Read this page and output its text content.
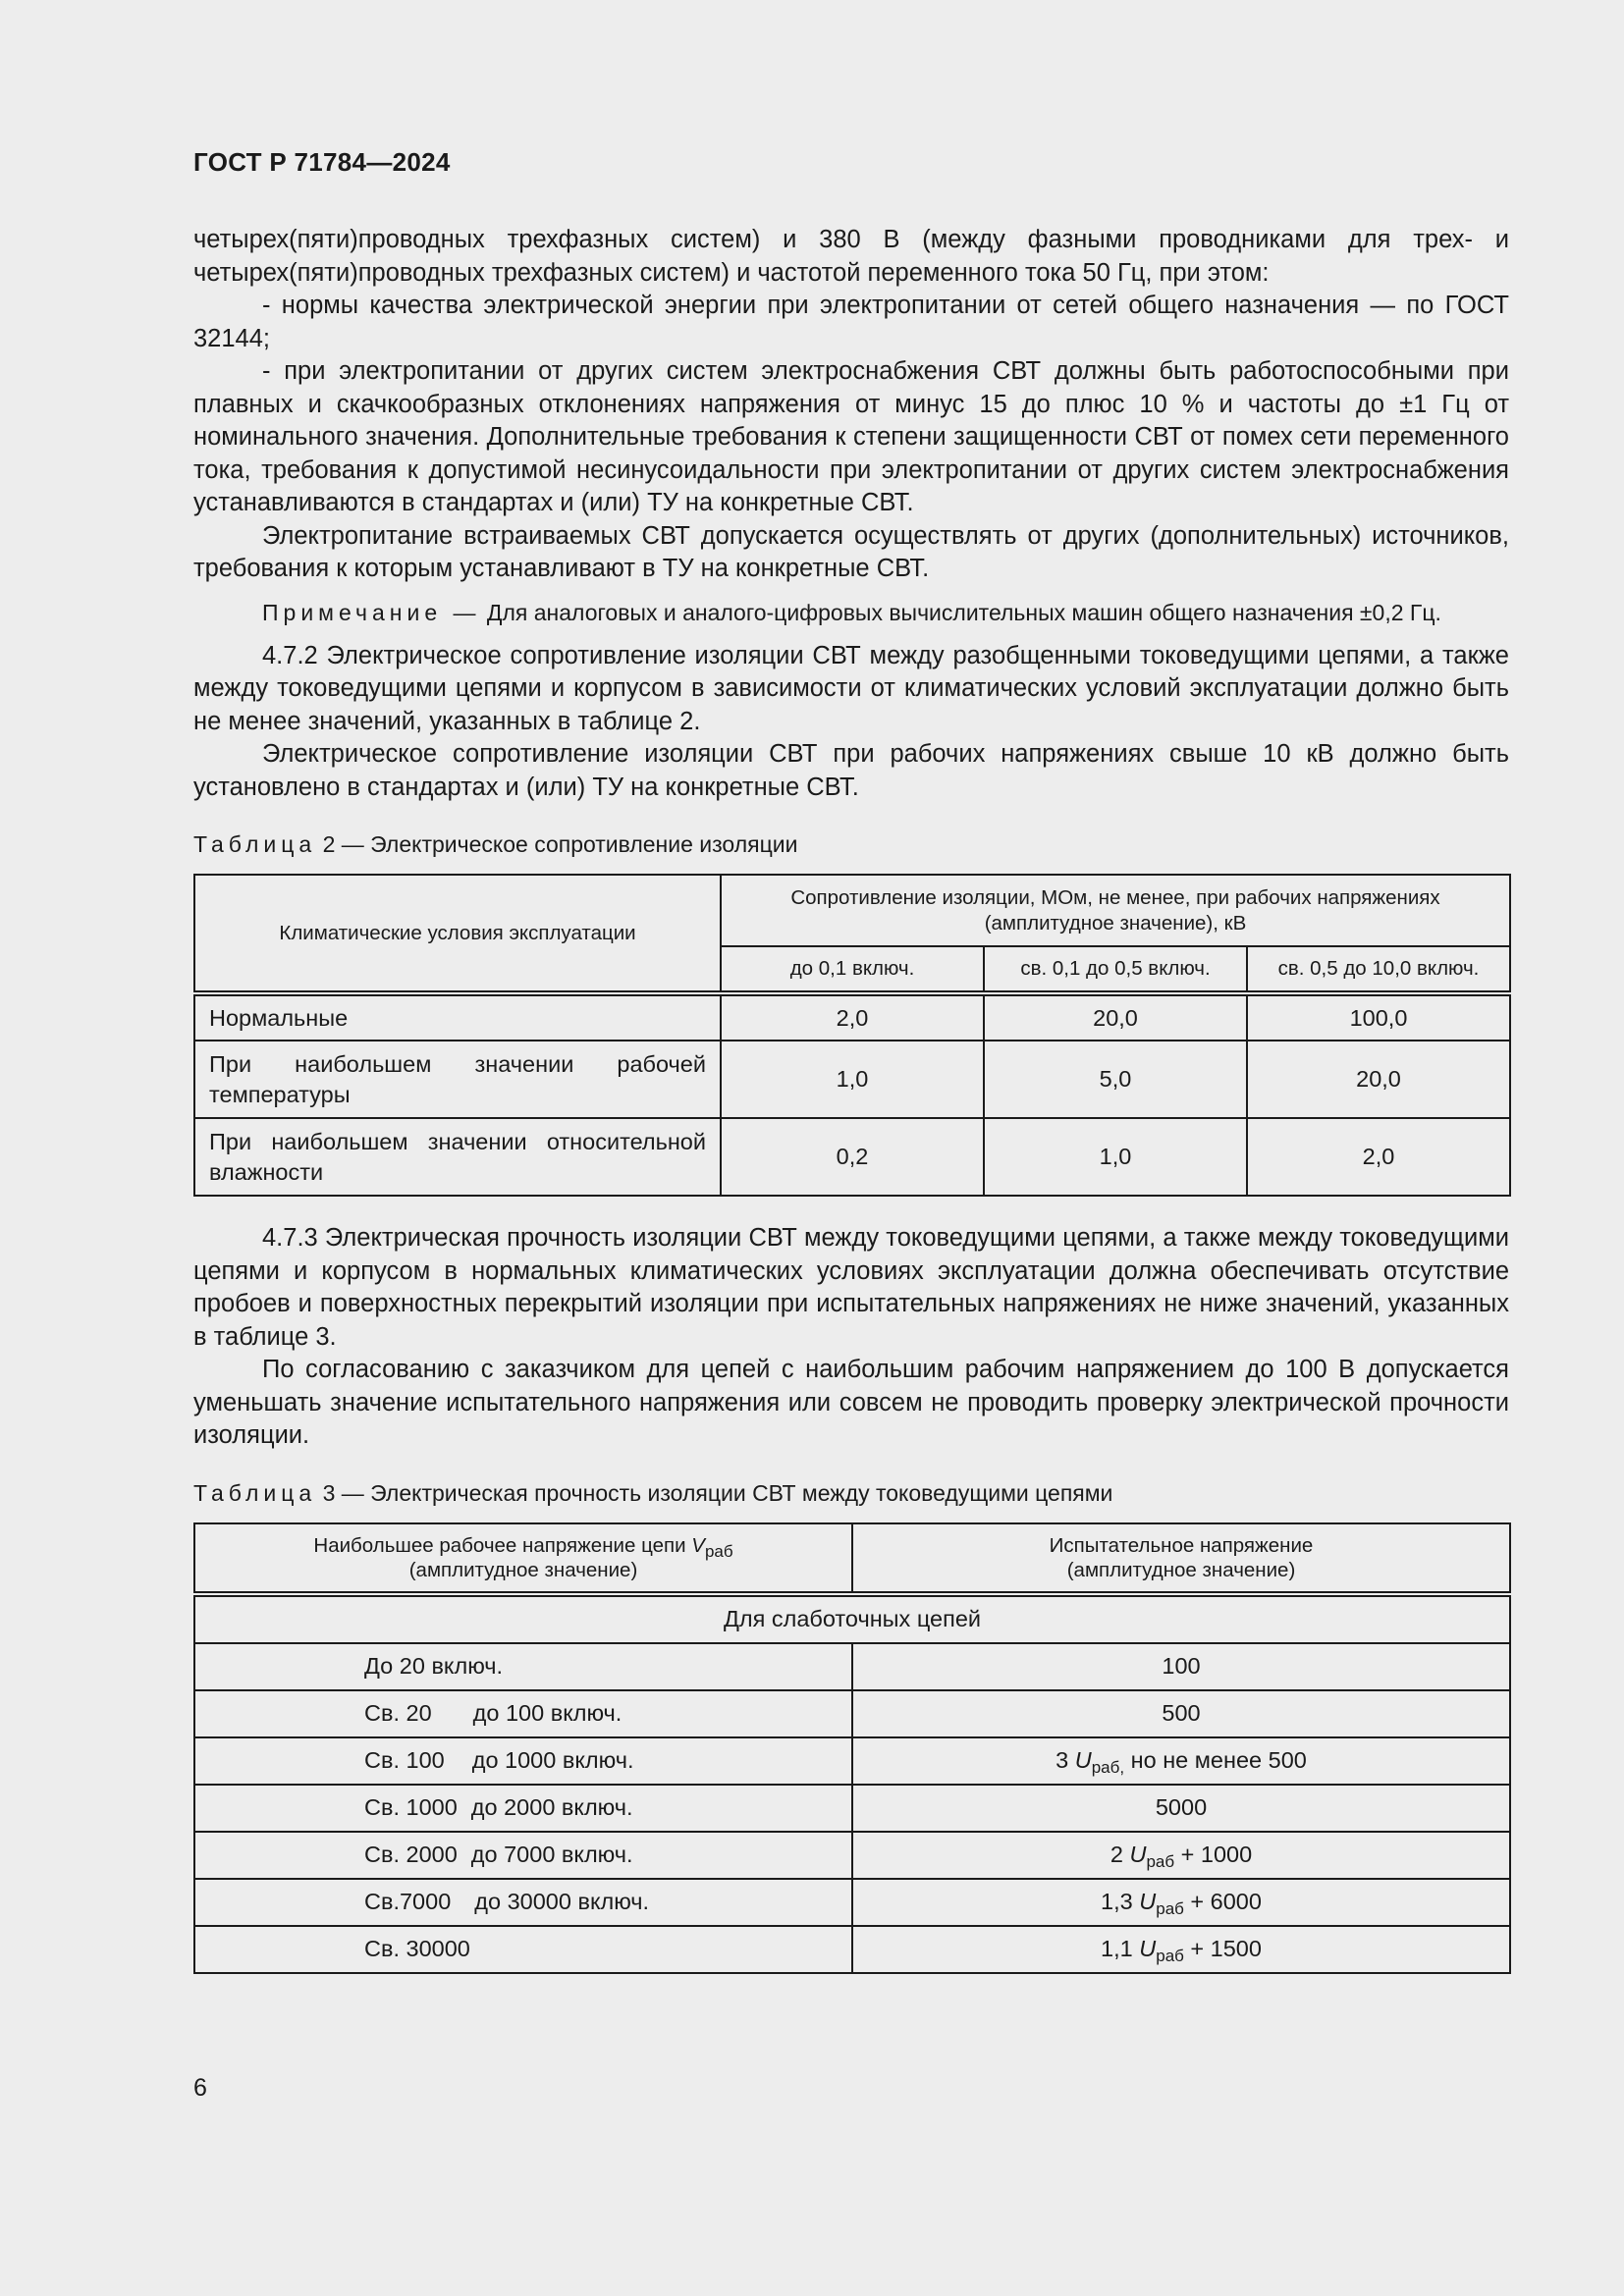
ГОСТ Р 71784—2024

четырех(пяти)проводных трехфазных систем) и 380 В (между фазными проводниками для трех- и четырех(пяти)проводных трехфазных систем) и частотой переменного тока 50 Гц, при этом:

- нормы качества электрической энергии при электропитании от сетей общего назначения — по ГОСТ 32144;

- при электропитании от других систем электроснабжения СВТ должны быть работоспособными при плавных и скачкообразных отклонениях напряжения от минус 15 до плюс 10 % и частоты до ±1 Гц от номинального значения. Дополнительные требования к степени защищенности СВТ от помех сети переменного тока, требования к допустимой несинусоидальности при электропитании от других систем электроснабжения устанавливаются в стандартах и (или) ТУ на конкретные СВТ.

Электропитание встраиваемых СВТ допускается осуществлять от других (дополнительных) источников, требования к которым устанавливают в ТУ на конкретные СВТ.

Примечание — Для аналоговых и аналого-цифровых вычислительных машин общего назначения ±0,2 Гц.

4.7.2 Электрическое сопротивление изоляции СВТ между разобщенными токоведущими цепями, а также между токоведущими цепями и корпусом в зависимости от климатических условий эксплуатации должно быть не менее значений, указанных в таблице 2.

Электрическое сопротивление изоляции СВТ при рабочих напряжениях свыше 10 кВ должно быть установлено в стандартах и (или) ТУ на конкретные СВТ.

Таблица 2 — Электрическое сопротивление изоляции

Климатические условия эксплуатации	Сопротивление изоляции, МОм, не менее, при рабочих напряжениях (амплитудное значение), кВ		
	до 0,1 включ.	св. 0,1 до 0,5 включ.	св. 0,5 до 10,0 включ.
Нормальные	2,0	20,0	100,0
При наибольшем значении рабочей температуры	1,0	5,0	20,0
При наибольшем значении относительной влажности	0,2	1,0	2,0

4.7.3 Электрическая прочность изоляции СВТ между токоведущими цепями, а также между токоведущими цепями и корпусом в нормальных климатических условиях эксплуатации должна обеспечивать отсутствие пробоев и поверхностных перекрытий изоляции при испытательных напряжениях не ниже значений, указанных в таблице 3.

По согласованию с заказчиком для цепей с наибольшим рабочим напряжением до 100 В допускается уменьшать значение испытательного напряжения или совсем не проводить проверку электрической прочности изоляции.

Таблица 3 — Электрическая прочность изоляции СВТ между токоведущими цепями

Наибольшее рабочее напряжение цепи $V_{раб}$
(амплитудное значение)	Испытательное напряжение
(амплитудное значение)
Для слаботочных цепей	
До 20 включ.	100
Св. 20 до 100 включ.	500
Св. 100 до 1000 включ.	3 $U_{раб,}$ но не менее 500
Св. 1000 до 2000 включ.	5000
Св. 2000 до 7000 включ.	2 $U_{раб} + 1000$
Св.7000 до 30000 включ.	1,3 $U_{раб} + 6000$
Св. 30000	1,1 $U_{раб} + 1500$
6
